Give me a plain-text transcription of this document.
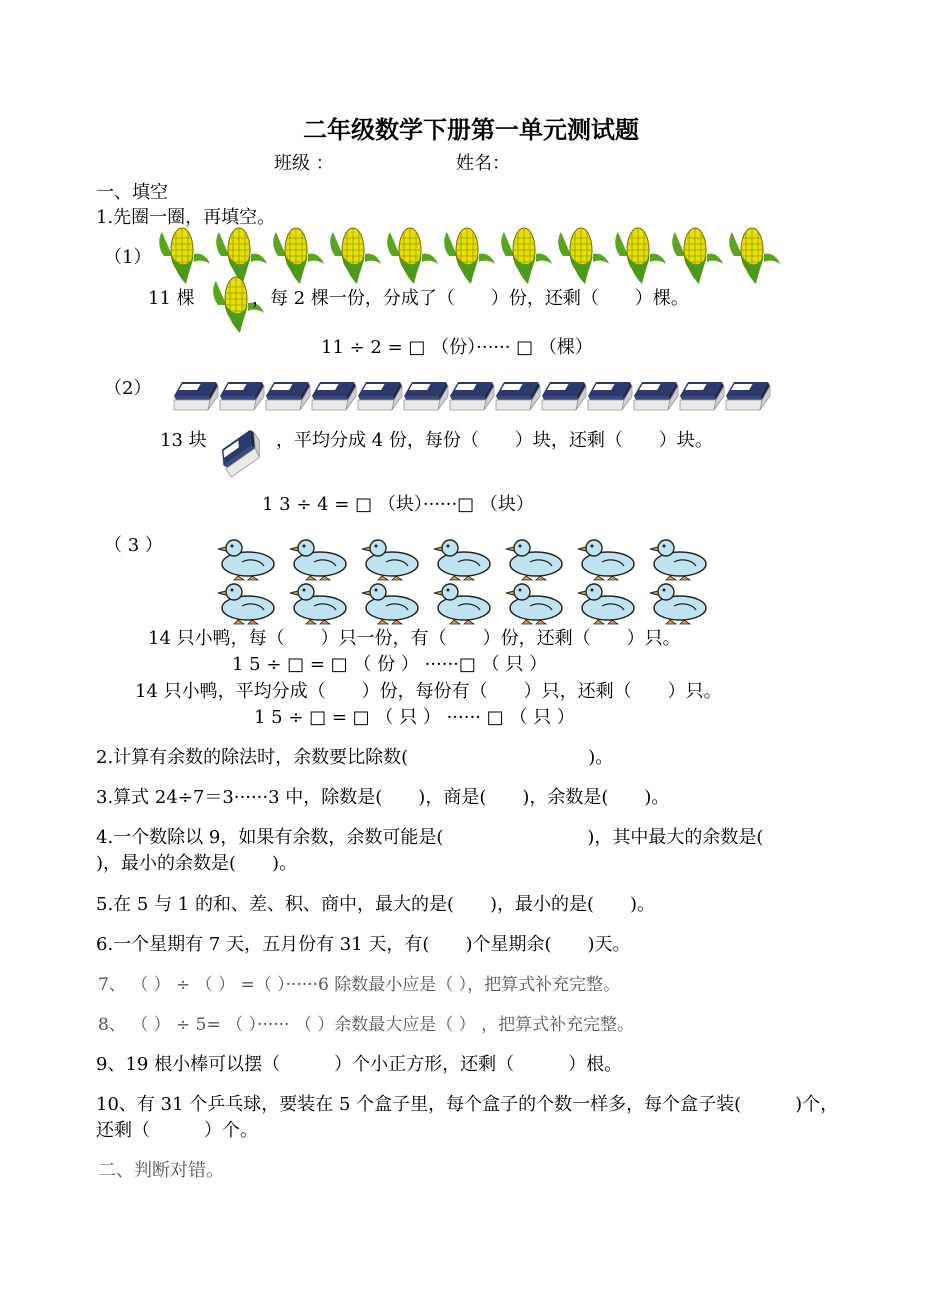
二年级数学下册第一单元测试题
班级 ：	姓名：
一、填空
1.先圈一圈，再填空。
（1）
11 棵	，每 2 棵一份，分成了（　　）份，还剩（　　）棵。
11 ÷ 2 = □ （份）······ □ （棵）
（2）
13 块	，平均分成 4 份，每份（　　）块，还剩（　　）块。
1 3 ÷ 4 = □ （块）······□ （块）
（ 3 ）
14 只小鸭，每（　　）只一份，有（　　）份，还剩（　　）只。
1 5 ÷ □ = □ （ 份 ） ······□ （ 只 ）
14 只小鸭，平均分成（　　）份，每份有（　　）只，还剩（　　）只。
1 5 ÷ □ = □ （ 只 ） ······ □ （ 只 ）
2.计算有余数的除法时，余数要比除数(　　　　　　　　　　)。
3.算式 24÷7＝3······3 中，除数是(　　)，商是(　　)，余数是(　　)。
4.一个数除以 9，如果有余数，余数可能是(　　　　　　　　)，其中最大的余数是(
)，最小的余数是(　　)。
5.在 5 与 1 的和、差、积、商中，最大的是(　　)，最小的是(　　)。
6.一个星期有 7 天，五月份有 31 天，有(　　)个星期余(　　)天。
7、 （ ） ÷ （ ） =（ ）······6 除数最小应是（ ），把算式补充完整。
8、 （ ） ÷ 5= （ ）······ （ ）余数最大应是（ ） ，把算式补充完整。
9、19 根小棒可以摆（　　　）个小正方形，还剩（　　　）根。
10、有 31 个乒乓球，要装在 5 个盒子里，每个盒子的个数一样多，每个盒子装(　　　)个，
还剩（　　　）个。
二、判断对错。
